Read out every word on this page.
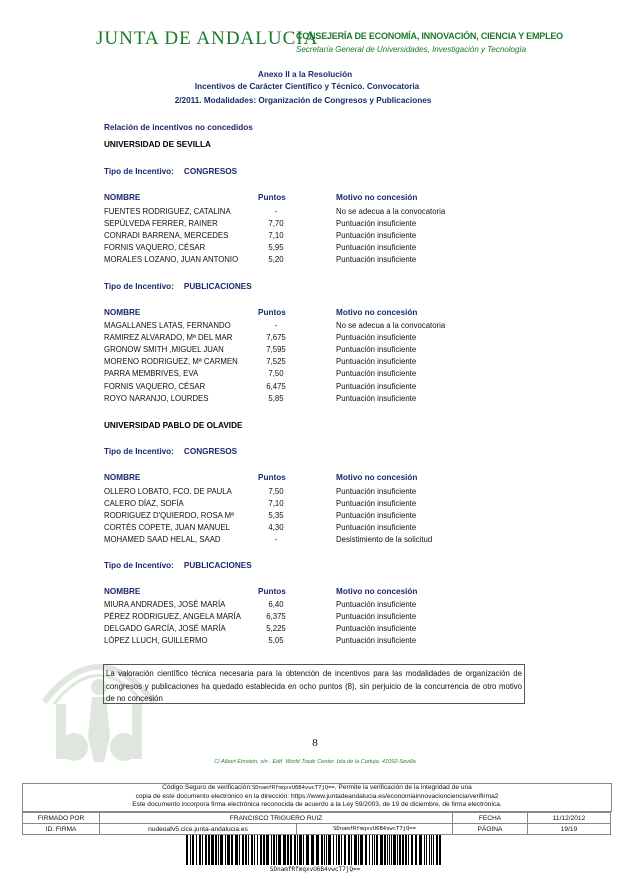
JUNTA DE ANDALUCIA
CONSEJERÍA DE ECONOMÍA, INNOVACIÓN, CIENCIA Y EMPLEO
Secretaría General de Universidades, Investigación y Tecnología
Anexo II a la Resolución
Incentivos de Carácter Científico y Técnico. Convocatoria
2/2011. Modalidades: Organización de Congresos y Publicaciones
Relación de incentivos no concedidos
UNIVERSIDAD DE SEVILLA
Tipo de Incentivo: CONGRESOS
NOMBRE	Puntos	Motivo no concesión
FUENTES RODRIGUEZ, CATALINA	-	No se adecua a la convocatoria
SEPÚLVEDA FERRER, RAINER	7,70	Puntuación insuficiente
CONRADI BARRENA, MERCEDES	7,10	Puntuación insuficiente
FORNIS VAQUERO, CÉSAR	5,95	Puntuación insuficiente
MORALES LOZANO, JUAN ANTONIO	5,20	Puntuación insuficiente
Tipo de Incentivo: PUBLICACIONES
NOMBRE	Puntos	Motivo no concesión
MAGALLANES LATAS, FERNANDO	-	No se adecua a la convocatoria
RAMIREZ ALVARADO, Mª DEL MAR	7,675	Puntuación insuficiente
GRONOW SMITH ,MIGUEL JUAN	7,595	Puntuación insuficiente
MORENO RODRIGUEZ, Mª CARMEN	7,525	Puntuación insuficiente
PARRA MEMBRIVES, EVA	7,50	Puntuación insuficiente
FORNIS VAQUERO, CÉSAR	6,475	Puntuación insuficiente
ROYO NARANJO, LOURDES	5,85	Puntuación insuficiente
UNIVERSIDAD PABLO DE OLAVIDE
Tipo de Incentivo: CONGRESOS
NOMBRE	Puntos	Motivo no concesión
OLLERO LOBATO, FCO. DE PAULA	7,50	Puntuación insuficiente
CALERO DÍAZ, SOFÍA	7,10	Puntuación insuficiente
RODRIGUEZ D'QUIERDO, ROSA Mª	5,35	Puntuación insuficiente
CORTÉS COPETE, JUAN MANUEL	4,30	Puntuación insuficiente
MOHAMED SAAD HELAL, SAAD	-	Desistimiento de la solicitud
Tipo de Incentivo: PUBLICACIONES
NOMBRE	Puntos	Motivo no concesión
MIURA ANDRADES, JOSÉ MARÍA	6,40	Puntuación insuficiente
PÉREZ RODRIGUEZ, ANGELA MARÍA	6,375	Puntuación insuficiente
DELGADO GARCÍA, JOSÉ MARÍA	5,225	Puntuación insuficiente
LÓPEZ LLUCH, GUILLERMO	5,05	Puntuación insuficiente
La valoración científico técnica necesaria para la obtención de incentivos para las modalidades de organización de congresos y publicaciones ha quedado establecida en ocho puntos (8), sin perjuicio de la concurrencia de otro motivo de no concesión
8
C/ Albert Einstein, s/n . Edif. World Trade Center. Isla de la Cartuja. 41092-Sevilla
Código Seguro de verificación:SDnamfRfmqxvU6B4vwcT7jQ==. Permite la verificación de la integridad de una
copia de este documento electrónico en la dirección: https://www.juntadeandalucia.es/economiainnovacionciencia/verifirma2
Este documento incorpora firma electrónica reconocida de acuerdo a la Ley 59/2003, de 19 de diciembre, de firma electrónica.
FIRMADO POR	FRANCISCO TRIGUERO RUIZ		FECHA	11/12/2012
ID. FIRMA	nudeoafv5.cice.junta-andalucia.es	SDnamfRfmqxvU6B4vwcT7jQ==	PÁGINA	19/19
SDnamfRfmqxvU6B4vwcT7jQ==
